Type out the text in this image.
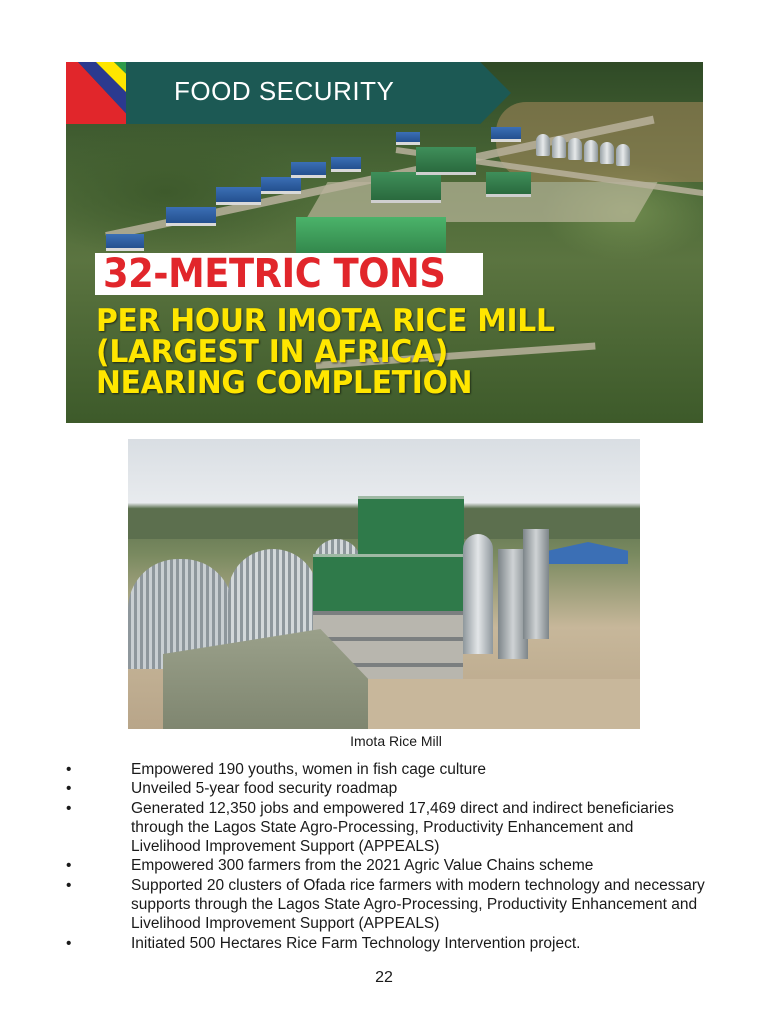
FOOD SECURITY
32-METRIC TONS
PER HOUR IMOTA RICE MILL
(LARGEST IN AFRICA)
NEARING COMPLETION
Imota Rice Mill
•	Empowered 190 youths, women in fish cage culture
•	Unveiled 5-year food security roadmap
•	Generated 12,350 jobs and empowered 17,469 direct and indirect beneficiaries through the Lagos State Agro-Processing, Productivity Enhancement and Livelihood Improvement Support (APPEALS)
•	Empowered 300 farmers from the 2021 Agric Value Chains scheme
•	Supported 20 clusters of Ofada rice farmers with modern technology and necessary supports through the Lagos State Agro-Processing, Productivity Enhancement and Livelihood Improvement Support (APPEALS)
•	Initiated 500 Hectares Rice Farm Technology Intervention project.
22
